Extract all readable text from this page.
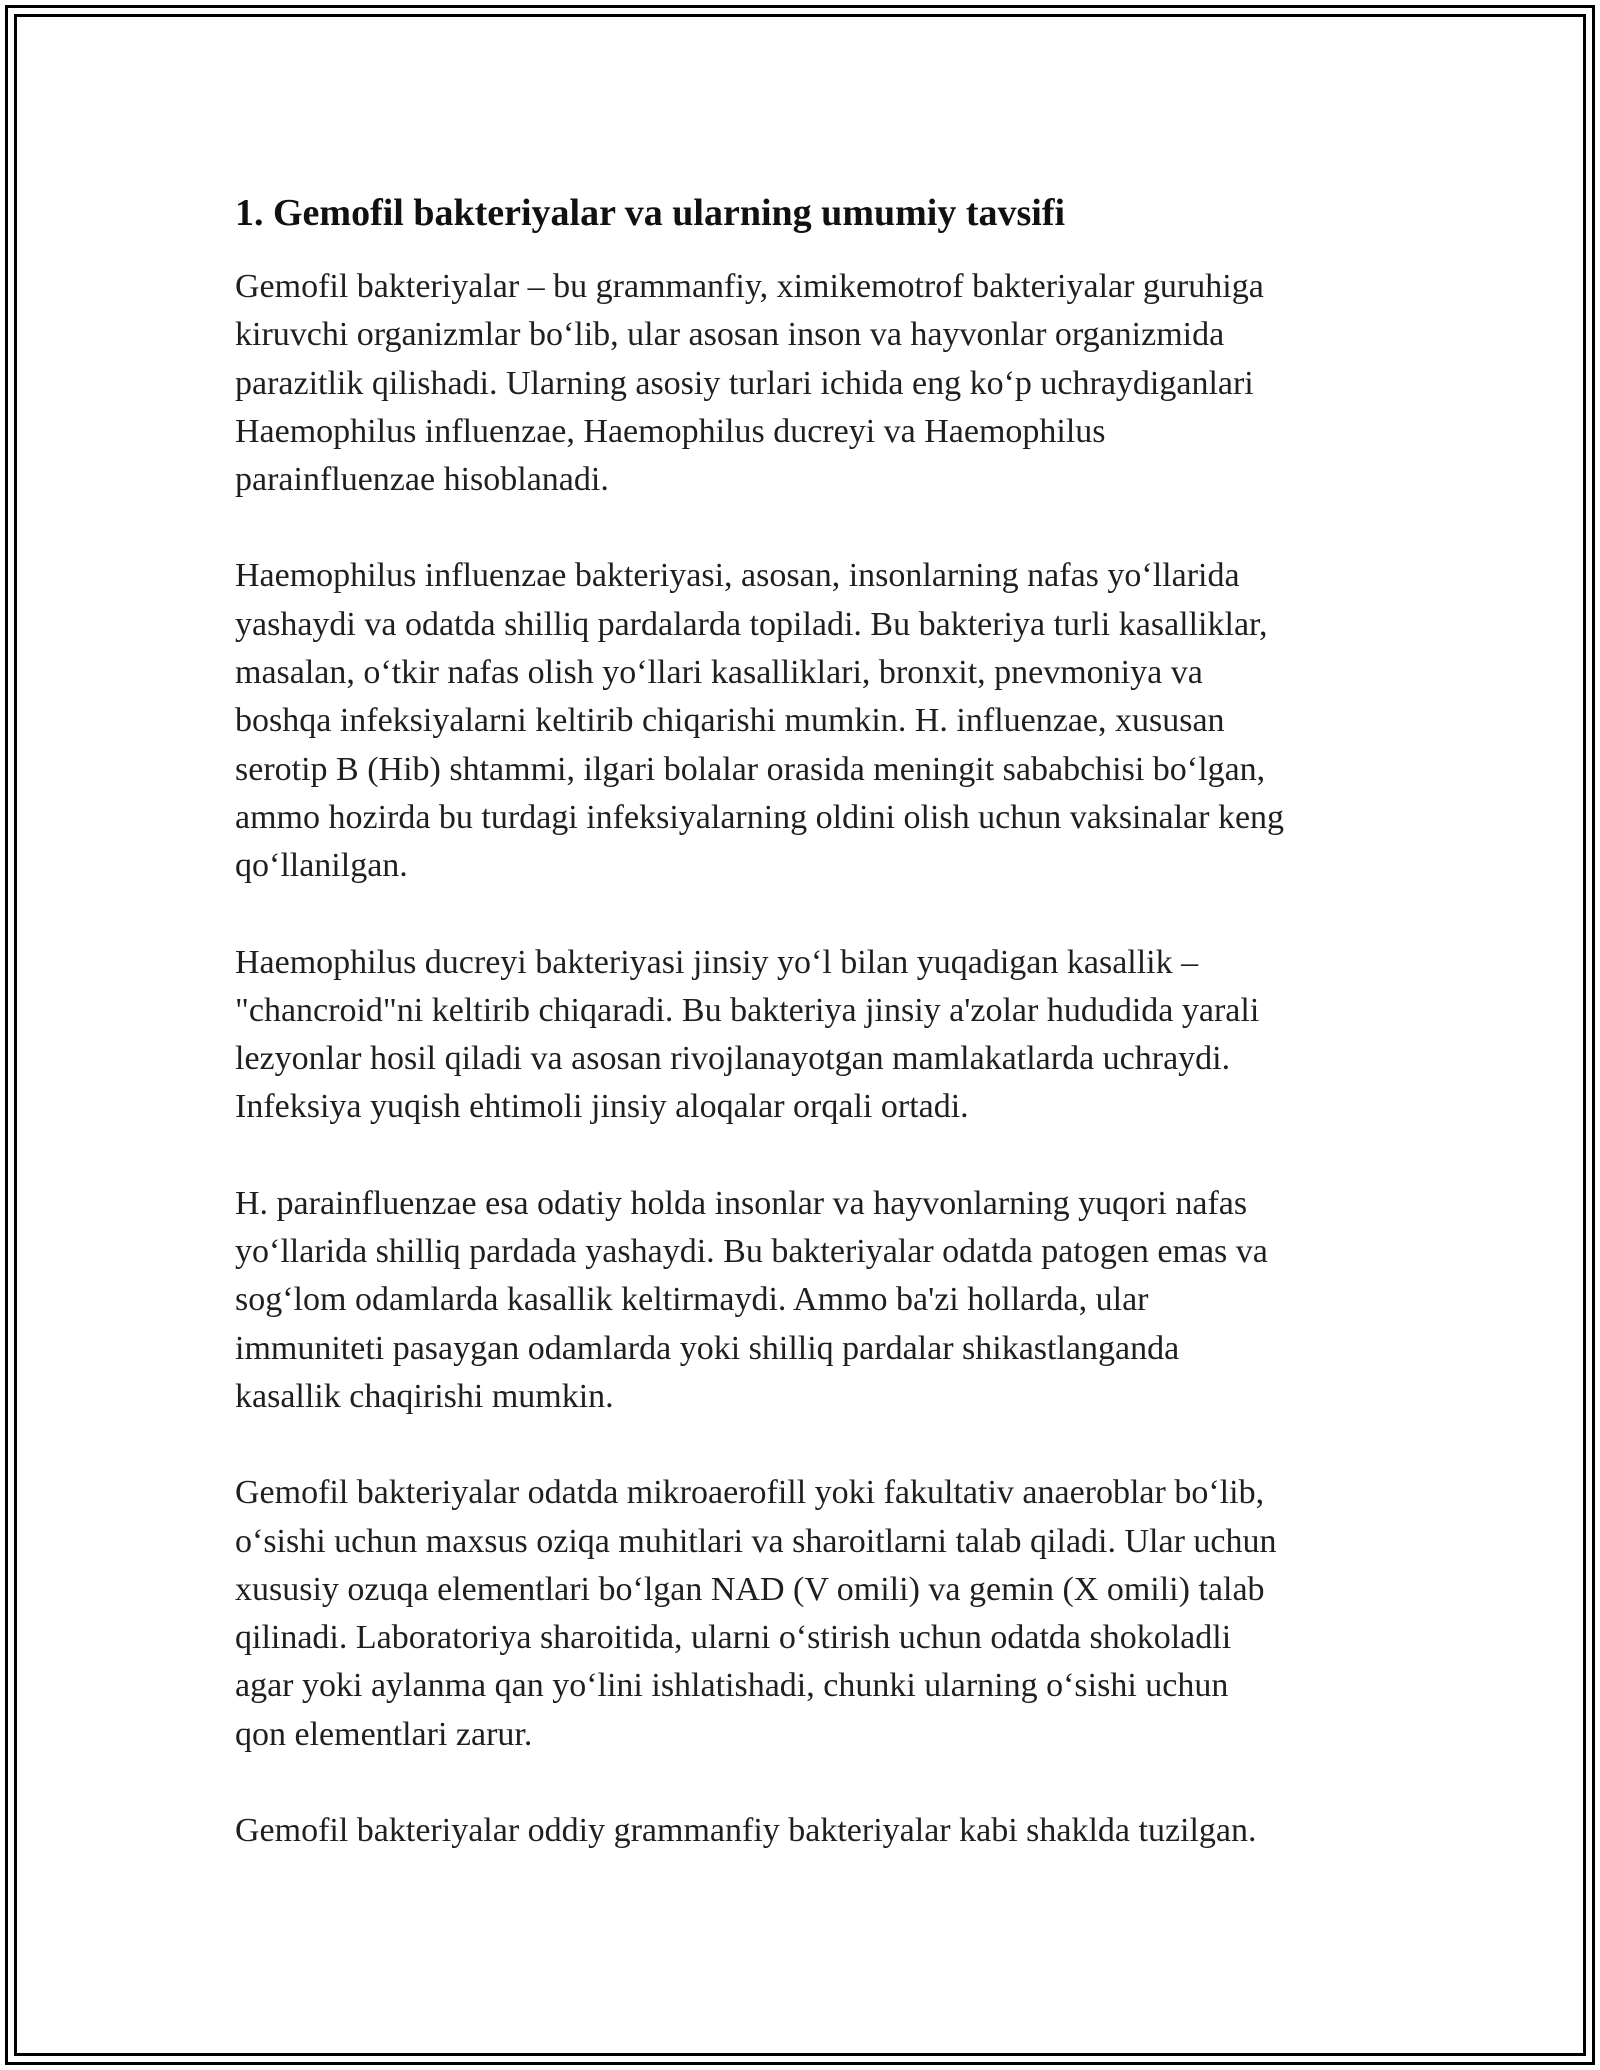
1. Gemofil bakteriyalar va ularning umumiy tavsifi

Gemofil bakteriyalar – bu grammanfiy, ximikemotrof bakteriyalar guruhiga
kiruvchi organizmlar boʻlib, ular asosan inson va hayvonlar organizmida
parazitlik qilishadi. Ularning asosiy turlari ichida eng koʻp uchraydiganlari
Haemophilus influenzae, Haemophilus ducreyi va Haemophilus
parainfluenzae hisoblanadi.

Haemophilus influenzae bakteriyasi, asosan, insonlarning nafas yoʻllarida
yashaydi va odatda shilliq pardalarda topiladi. Bu bakteriya turli kasalliklar,
masalan, oʻtkir nafas olish yoʻllari kasalliklari, bronxit, pnevmoniya va
boshqa infeksiyalarni keltirib chiqarishi mumkin. H. influenzae, xususan
serotip B (Hib) shtammi, ilgari bolalar orasida meningit sababchisi boʻlgan,
ammo hozirda bu turdagi infeksiyalarning oldini olish uchun vaksinalar keng
qoʻllanilgan.

Haemophilus ducreyi bakteriyasi jinsiy yoʻl bilan yuqadigan kasallik –
"chancroid"ni keltirib chiqaradi. Bu bakteriya jinsiy a'zolar hududida yarali
lezyonlar hosil qiladi va asosan rivojlanayotgan mamlakatlarda uchraydi.
Infeksiya yuqish ehtimoli jinsiy aloqalar orqali ortadi.

H. parainfluenzae esa odatiy holda insonlar va hayvonlarning yuqori nafas
yoʻllarida shilliq pardada yashaydi. Bu bakteriyalar odatda patogen emas va
sogʻlom odamlarda kasallik keltirmaydi. Ammo ba'zi hollarda, ular
immuniteti pasaygan odamlarda yoki shilliq pardalar shikastlanganda
kasallik chaqirishi mumkin.

Gemofil bakteriyalar odatda mikroaerofill yoki fakultativ anaeroblar boʻlib,
oʻsishi uchun maxsus oziqa muhitlari va sharoitlarni talab qiladi. Ular uchun
xususiy ozuqa elementlari boʻlgan NAD (V omili) va gemin (X omili) talab
qilinadi. Laboratoriya sharoitida, ularni oʻstirish uchun odatda shokoladli
agar yoki aylanma qan yoʻlini ishlatishadi, chunki ularning oʻsishi uchun
qon elementlari zarur.

Gemofil bakteriyalar oddiy grammanfiy bakteriyalar kabi shaklda tuzilgan.
